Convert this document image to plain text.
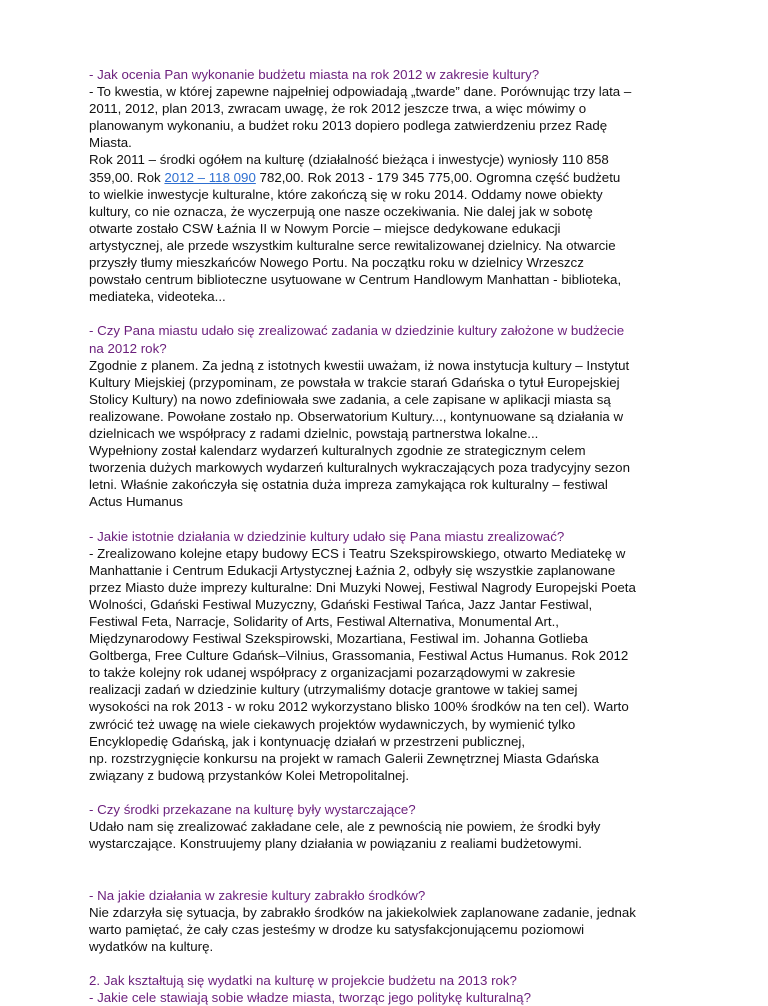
- Jak ocenia Pan wykonanie budżetu miasta na rok 2012 w zakresie kultury?
- To kwestia, w której zapewne najpełniej odpowiadają „twarde” dane. Porównując trzy lata –
2011, 2012, plan 2013, zwracam uwagę, że rok 2012 jeszcze trwa, a więc mówimy o
planowanym wykonaniu, a budżet roku 2013 dopiero podlega zatwierdzeniu przez Radę
Miasta.
Rok 2011 – środki ogółem na kulturę (działalność bieżąca i inwestycje) wyniosły 110 858
359,00. Rok 2012 – 118 090 782,00. Rok 2013 - 179 345 775,00. Ogromna część budżetu
to wielkie inwestycje kulturalne, które zakończą się w roku 2014. Oddamy nowe obiekty
kultury, co nie oznacza, że wyczerpują one nasze oczekiwania. Nie dalej jak w sobotę
otwarte zostało CSW Łaźnia II w Nowym Porcie – miejsce dedykowane edukacji
artystycznej, ale przede wszystkim kulturalne serce rewitalizowanej dzielnicy. Na otwarcie
przyszły tłumy mieszkańców Nowego Portu. Na początku roku w dzielnicy Wrzeszcz
powstało centrum biblioteczne usytuowane w Centrum Handlowym Manhattan - biblioteka,
mediateka, videoteka...
- Czy Pana miastu udało się zrealizować zadania w dziedzinie kultury założone w budżecie
na 2012 rok?
Zgodnie z planem. Za jedną z istotnych kwestii uważam, iż nowa instytucja kultury – Instytut
Kultury Miejskiej (przypominam, ze powstała w trakcie starań Gdańska o tytuł Europejskiej
Stolicy Kultury) na nowo zdefiniowała swe zadania, a cele zapisane w aplikacji miasta są
realizowane. Powołane zostało np. Obserwatorium Kultury..., kontynuowane są działania w
dzielnicach we współpracy z radami dzielnic, powstają partnerstwa lokalne...
Wypełniony został kalendarz wydarzeń kulturalnych zgodnie ze strategicznym celem
tworzenia dużych markowych wydarzeń kulturalnych wykraczających poza tradycyjny sezon
letni. Właśnie zakończyła się ostatnia duża impreza zamykająca rok kulturalny – festiwal
Actus Humanus
- Jakie istotnie działania w dziedzinie kultury udało się Pana miastu zrealizować?
- Zrealizowano kolejne etapy budowy ECS i Teatru Szekspirowskiego, otwarto Mediatekę w
Manhattanie i Centrum Edukacji Artystycznej Łaźnia 2, odbyły się wszystkie zaplanowane
przez Miasto duże imprezy kulturalne: Dni Muzyki Nowej, Festiwal Nagrody Europejski Poeta
Wolności, Gdański Festiwal Muzyczny, Gdański Festiwal Tańca, Jazz Jantar Festiwal,
Festiwal Feta, Narracje, Solidarity of Arts, Festiwal Alternativa, Monumental Art.,
Międzynarodowy Festiwal Szekspirowski, Mozartiana, Festiwal im. Johanna Gotlieba
Goltberga, Free Culture Gdańsk–Vilnius, Grassomania, Festiwal Actus Humanus. Rok 2012
to także kolejny rok udanej współpracy z organizacjami pozarządowymi w zakresie
realizacji zadań w dziedzinie kultury (utrzymaliśmy dotacje grantowe w takiej samej
wysokości na rok 2013 - w roku 2012 wykorzystano blisko 100% środków na ten cel). Warto
zwrócić też uwagę na wiele ciekawych projektów wydawniczych, by wymienić tylko
Encyklopedię Gdańską, jak i kontynuację działań w przestrzeni publicznej,
np. rozstrzygnięcie konkursu na projekt w ramach Galerii Zewnętrznej Miasta Gdańska
związany z budową przystanków Kolei Metropolitalnej.
- Czy środki przekazane na kulturę były wystarczające?
Udało nam się zrealizować zakładane cele, ale z pewnością nie powiem, że środki były
wystarczające. Konstruujemy plany działania w powiązaniu z realiami budżetowymi.
- Na jakie działania w zakresie kultury zabrakło środków?
Nie zdarzyła się sytuacja, by zabrakło środków na jakiekolwiek zaplanowane zadanie, jednak
warto pamiętać, że cały czas jesteśmy w drodze ku satysfakcjonującemu poziomowi
wydatków na kulturę.
2. Jak kształtują się wydatki na kulturę w projekcie budżetu na 2013 rok?
- Jakie cele stawiają sobie władze miasta, tworząc jego politykę kulturalną?
